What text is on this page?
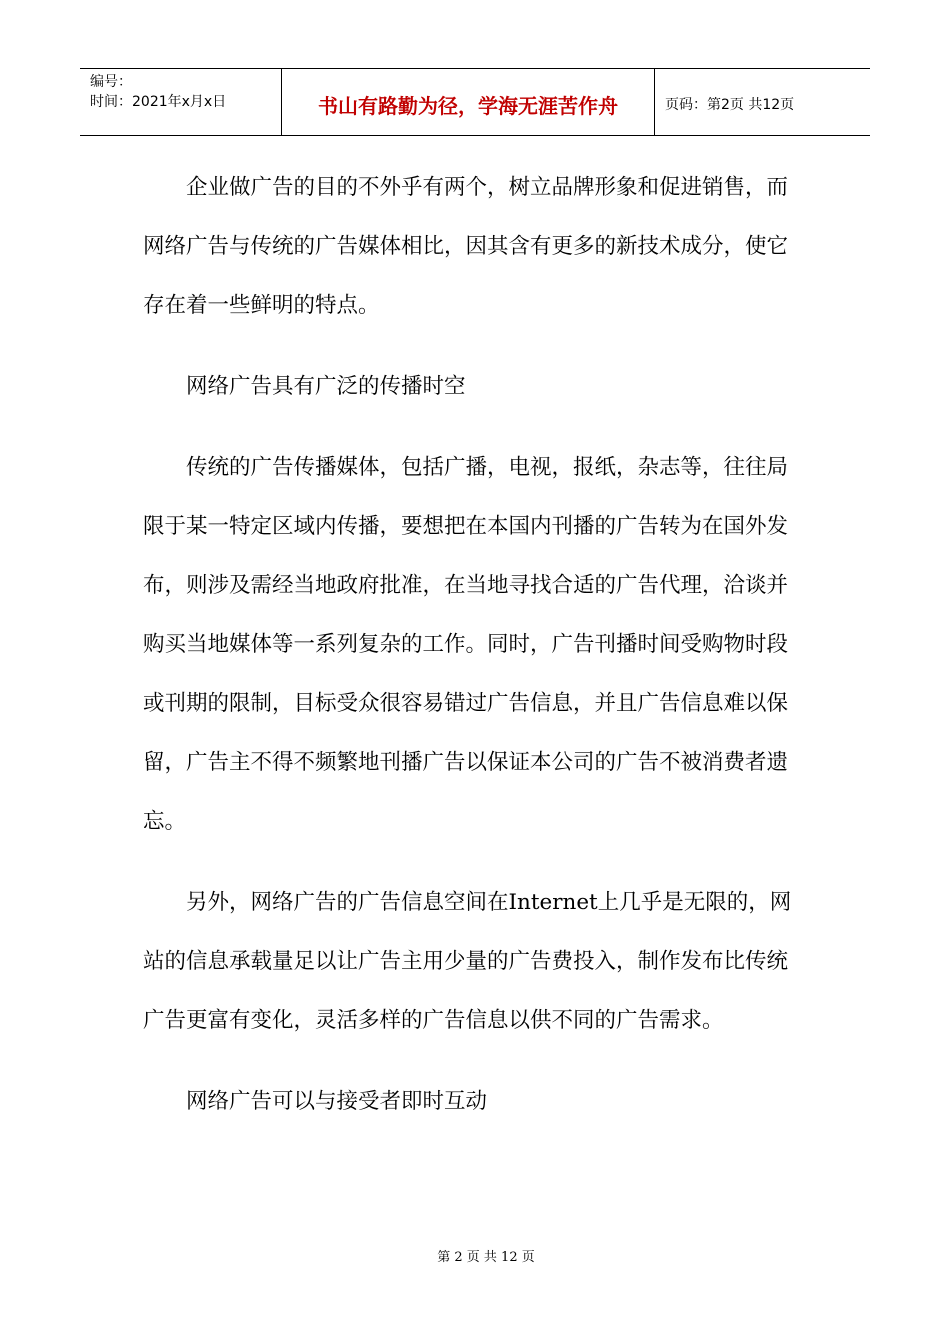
编号：
时间：2021年x月x日	书山有路勤为径，学海无涯苦作舟	页码：第2页 共12页

企业做广告的目的不外乎有两个，树立品牌形象和促进销售，而网络广告与传统的广告媒体相比，因其含有更多的新技术成分，使它存在着一些鲜明的特点。

网络广告具有广泛的传播时空

传统的广告传播媒体，包括广播，电视，报纸，杂志等，往往局限于某一特定区域内传播，要想把在本国内刊播的广告转为在国外发布，则涉及需经当地政府批准，在当地寻找合适的广告代理，洽谈并购买当地媒体等一系列复杂的工作。同时，广告刊播时间受购物时段或刊期的限制，目标受众很容易错过广告信息，并且广告信息难以保留，广告主不得不频繁地刊播广告以保证本公司的广告不被消费者遗忘。

另外，网络广告的广告信息空间在Internet上几乎是无限的，网站的信息承载量足以让广告主用少量的广告费投入，制作发布比传统广告更富有变化，灵活多样的广告信息以供不同的广告需求。

网络广告可以与接受者即时互动

第 2 页 共 12 页
